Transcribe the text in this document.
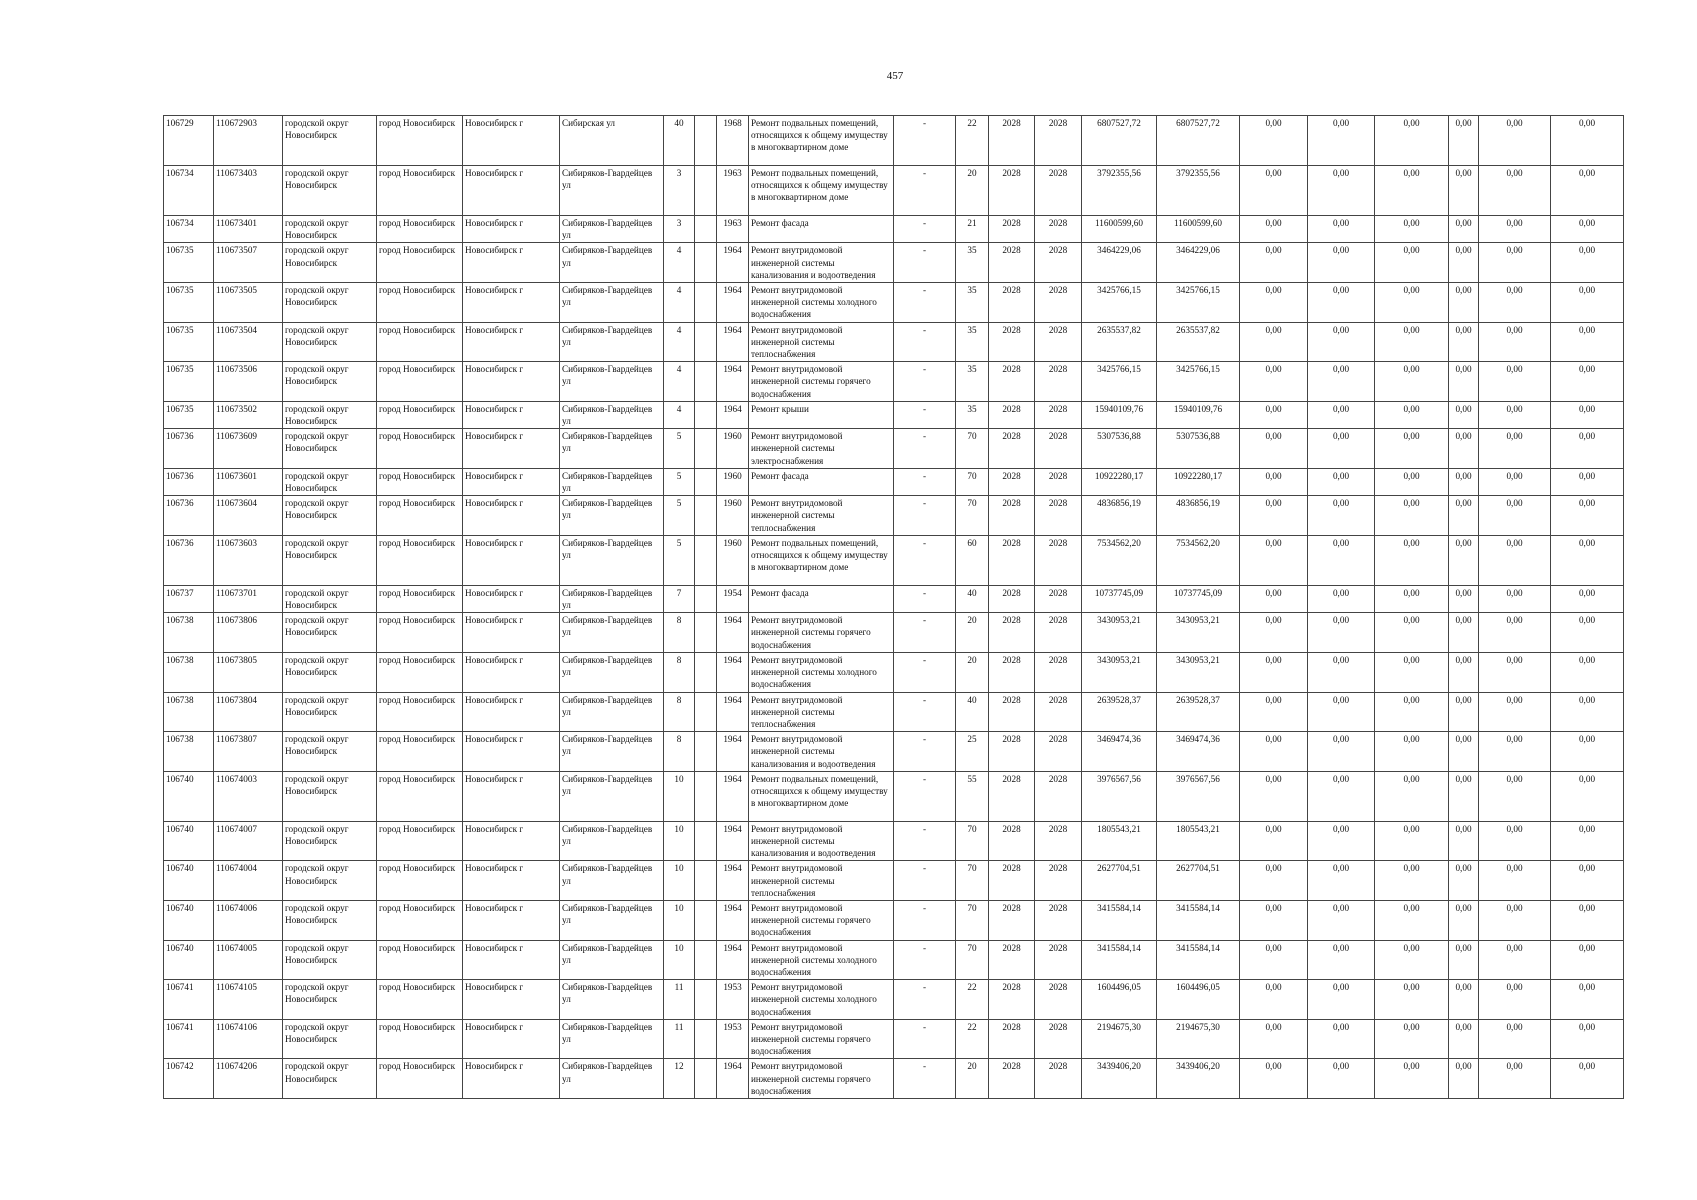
457
106729	110672903	городской округ Новосибирск	город Новосибирск	Новосибирск г	Сибирская ул	40		1968	Ремонт подвальных помещений, относящихся к общему имуществу в многоквартирном доме	-	22	2028	2028	6807527,72	6807527,72	0,00	0,00	0,00	0,00	0,00	0,00
106734	110673403	городской округ Новосибирск	город Новосибирск	Новосибирск г	Сибиряков-Гвардейцев ул	3		1963	Ремонт подвальных помещений, относящихся к общему имуществу в многоквартирном доме	-	20	2028	2028	3792355,56	3792355,56	0,00	0,00	0,00	0,00	0,00	0,00
106734	110673401	городской округ Новосибирск	город Новосибирск	Новосибирск г	Сибиряков-Гвардейцев ул	3		1963	Ремонт фасада	-	21	2028	2028	11600599,60	11600599,60	0,00	0,00	0,00	0,00	0,00	0,00
106735	110673507	городской округ Новосибирск	город Новосибирск	Новосибирск г	Сибиряков-Гвардейцев ул	4		1964	Ремонт внутридомовой инженерной системы канализования и водоотведения	-	35	2028	2028	3464229,06	3464229,06	0,00	0,00	0,00	0,00	0,00	0,00
106735	110673505	городской округ Новосибирск	город Новосибирск	Новосибирск г	Сибиряков-Гвардейцев ул	4		1964	Ремонт внутридомовой инженерной системы холодного водоснабжения	-	35	2028	2028	3425766,15	3425766,15	0,00	0,00	0,00	0,00	0,00	0,00
106735	110673504	городской округ Новосибирск	город Новосибирск	Новосибирск г	Сибиряков-Гвардейцев ул	4		1964	Ремонт внутридомовой инженерной системы теплоснабжения	-	35	2028	2028	2635537,82	2635537,82	0,00	0,00	0,00	0,00	0,00	0,00
106735	110673506	городской округ Новосибирск	город Новосибирск	Новосибирск г	Сибиряков-Гвардейцев ул	4		1964	Ремонт внутридомовой инженерной системы горячего водоснабжения	-	35	2028	2028	3425766,15	3425766,15	0,00	0,00	0,00	0,00	0,00	0,00
106735	110673502	городской округ Новосибирск	город Новосибирск	Новосибирск г	Сибиряков-Гвардейцев ул	4		1964	Ремонт крыши	-	35	2028	2028	15940109,76	15940109,76	0,00	0,00	0,00	0,00	0,00	0,00
106736	110673609	городской округ Новосибирск	город Новосибирск	Новосибирск г	Сибиряков-Гвардейцев ул	5		1960	Ремонт внутридомовой инженерной системы электроснабжения	-	70	2028	2028	5307536,88	5307536,88	0,00	0,00	0,00	0,00	0,00	0,00
106736	110673601	городской округ Новосибирск	город Новосибирск	Новосибирск г	Сибиряков-Гвардейцев ул	5		1960	Ремонт фасада	-	70	2028	2028	10922280,17	10922280,17	0,00	0,00	0,00	0,00	0,00	0,00
106736	110673604	городской округ Новосибирск	город Новосибирск	Новосибирск г	Сибиряков-Гвардейцев ул	5		1960	Ремонт внутридомовой инженерной системы теплоснабжения	-	70	2028	2028	4836856,19	4836856,19	0,00	0,00	0,00	0,00	0,00	0,00
106736	110673603	городской округ Новосибирск	город Новосибирск	Новосибирск г	Сибиряков-Гвардейцев ул	5		1960	Ремонт подвальных помещений, относящихся к общему имуществу в многоквартирном доме	-	60	2028	2028	7534562,20	7534562,20	0,00	0,00	0,00	0,00	0,00	0,00
106737	110673701	городской округ Новосибирск	город Новосибирск	Новосибирск г	Сибиряков-Гвардейцев ул	7		1954	Ремонт фасада	-	40	2028	2028	10737745,09	10737745,09	0,00	0,00	0,00	0,00	0,00	0,00
106738	110673806	городской округ Новосибирск	город Новосибирск	Новосибирск г	Сибиряков-Гвардейцев ул	8		1964	Ремонт внутридомовой инженерной системы горячего водоснабжения	-	20	2028	2028	3430953,21	3430953,21	0,00	0,00	0,00	0,00	0,00	0,00
106738	110673805	городской округ Новосибирск	город Новосибирск	Новосибирск г	Сибиряков-Гвардейцев ул	8		1964	Ремонт внутридомовой инженерной системы холодного водоснабжения	-	20	2028	2028	3430953,21	3430953,21	0,00	0,00	0,00	0,00	0,00	0,00
106738	110673804	городской округ Новосибирск	город Новосибирск	Новосибирск г	Сибиряков-Гвардейцев ул	8		1964	Ремонт внутридомовой инженерной системы теплоснабжения	-	40	2028	2028	2639528,37	2639528,37	0,00	0,00	0,00	0,00	0,00	0,00
106738	110673807	городской округ Новосибирск	город Новосибирск	Новосибирск г	Сибиряков-Гвардейцев ул	8		1964	Ремонт внутридомовой инженерной системы канализования и водоотведения	-	25	2028	2028	3469474,36	3469474,36	0,00	0,00	0,00	0,00	0,00	0,00
106740	110674003	городской округ Новосибирск	город Новосибирск	Новосибирск г	Сибиряков-Гвардейцев ул	10		1964	Ремонт подвальных помещений, относящихся к общему имуществу в многоквартирном доме	-	55	2028	2028	3976567,56	3976567,56	0,00	0,00	0,00	0,00	0,00	0,00
106740	110674007	городской округ Новосибирск	город Новосибирск	Новосибирск г	Сибиряков-Гвардейцев ул	10		1964	Ремонт внутридомовой инженерной системы канализования и водоотведения	-	70	2028	2028	1805543,21	1805543,21	0,00	0,00	0,00	0,00	0,00	0,00
106740	110674004	городской округ Новосибирск	город Новосибирск	Новосибирск г	Сибиряков-Гвардейцев ул	10		1964	Ремонт внутридомовой инженерной системы теплоснабжения	-	70	2028	2028	2627704,51	2627704,51	0,00	0,00	0,00	0,00	0,00	0,00
106740	110674006	городской округ Новосибирск	город Новосибирск	Новосибирск г	Сибиряков-Гвардейцев ул	10		1964	Ремонт внутридомовой инженерной системы горячего водоснабжения	-	70	2028	2028	3415584,14	3415584,14	0,00	0,00	0,00	0,00	0,00	0,00
106740	110674005	городской округ Новосибирск	город Новосибирск	Новосибирск г	Сибиряков-Гвардейцев ул	10		1964	Ремонт внутридомовой инженерной системы холодного водоснабжения	-	70	2028	2028	3415584,14	3415584,14	0,00	0,00	0,00	0,00	0,00	0,00
106741	110674105	городской округ Новосибирск	город Новосибирск	Новосибирск г	Сибиряков-Гвардейцев ул	11		1953	Ремонт внутридомовой инженерной системы холодного водоснабжения	-	22	2028	2028	1604496,05	1604496,05	0,00	0,00	0,00	0,00	0,00	0,00
106741	110674106	городской округ Новосибирск	город Новосибирск	Новосибирск г	Сибиряков-Гвардейцев ул	11		1953	Ремонт внутридомовой инженерной системы горячего водоснабжения	-	22	2028	2028	2194675,30	2194675,30	0,00	0,00	0,00	0,00	0,00	0,00
106742	110674206	городской округ Новосибирск	город Новосибирск	Новосибирск г	Сибиряков-Гвардейцев ул	12		1964	Ремонт внутридомовой инженерной системы горячего водоснабжения	-	20	2028	2028	3439406,20	3439406,20	0,00	0,00	0,00	0,00	0,00	0,00
